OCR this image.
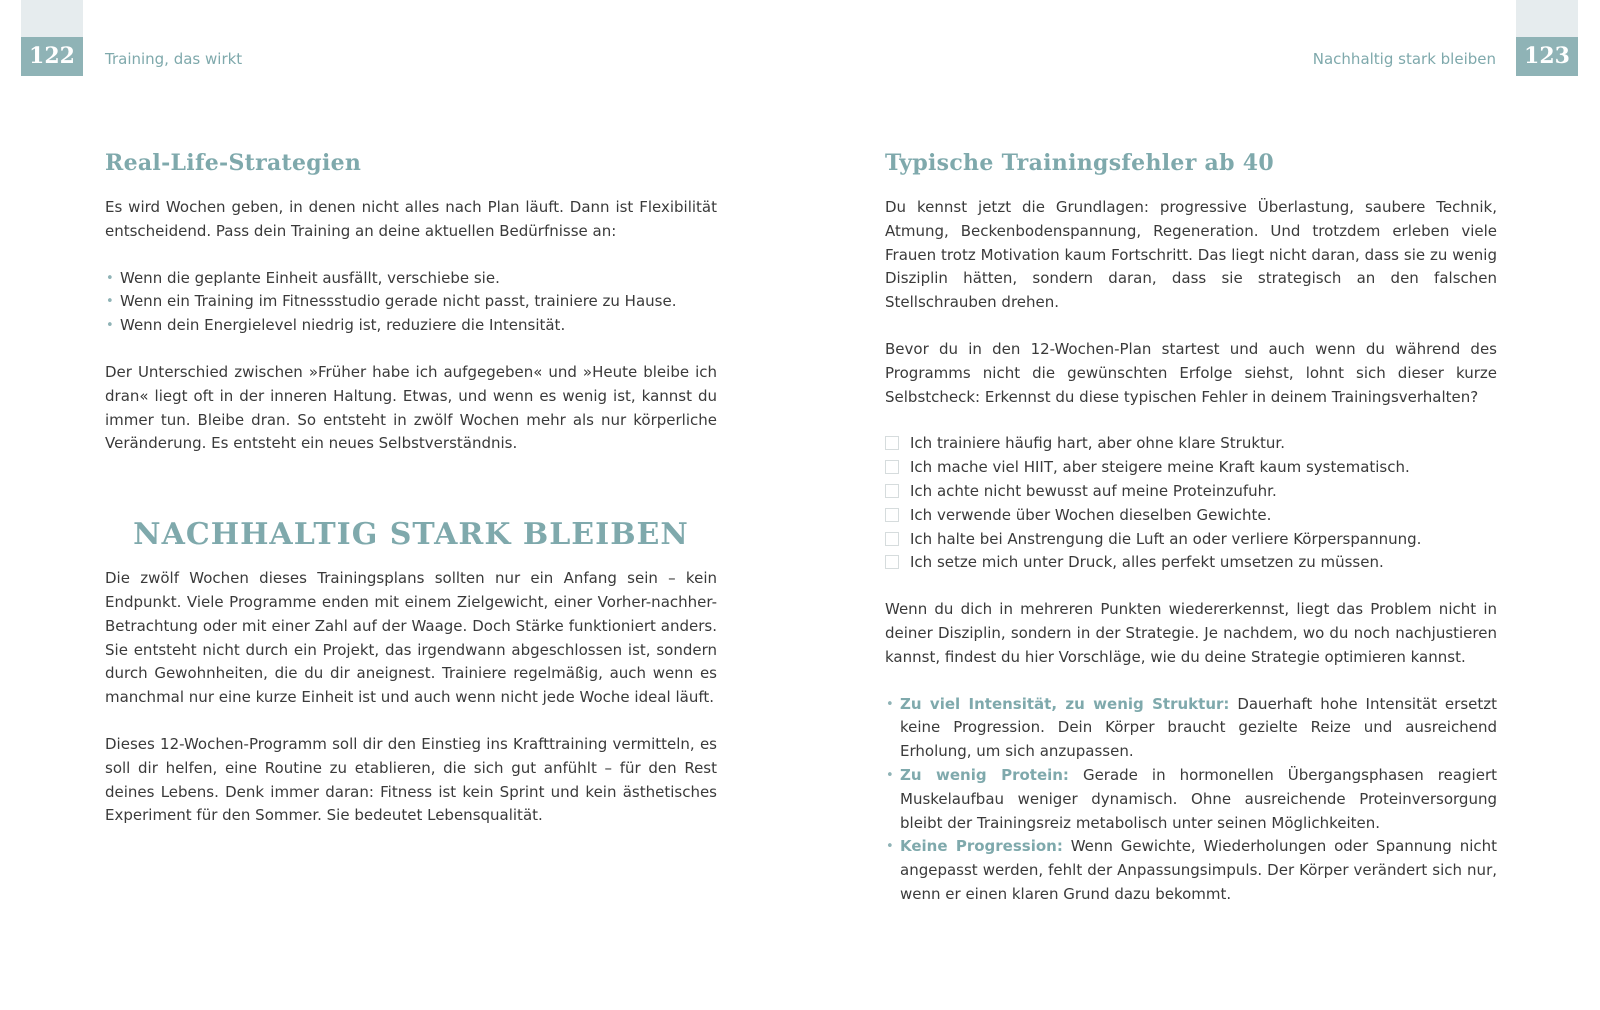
122	Training, das wirkt	123
Nachhaltig stark bleiben
Real-Life-Strategien

Es wird Wochen geben, in denen nicht alles nach Plan läuft. Dann ist Flexibilität entscheidend. Pass dein Training an deine aktuellen Bedürfnisse an:

• Wenn die geplante Einheit ausfällt, verschiebe sie.
• Wenn ein Training im Fitnessstudio gerade nicht passt, trainiere zu Hause.
• Wenn dein Energielevel niedrig ist, reduziere die Intensität.

Der Unterschied zwischen »Früher habe ich aufgegeben« und »Heute bleibe ich dran« liegt oft in der inneren Haltung. Etwas, und wenn es wenig ist, kannst du immer tun. Bleibe dran. So entsteht in zwölf Wochen mehr als nur körperliche Veränderung. Es entsteht ein neues Selbstverständnis.

NACHHALTIG STARK BLEIBEN

Die zwölf Wochen dieses Trainingsplans sollten nur ein Anfang sein – kein Endpunkt. Viele Programme enden mit einem Zielgewicht, einer Vorher-nachher-Betrachtung oder mit einer Zahl auf der Waage. Doch Stärke funktioniert anders. Sie entsteht nicht durch ein Projekt, das irgendwann abgeschlossen ist, sondern durch Gewohnheiten, die du dir aneignest. Trainiere regelmäßig, auch wenn es manchmal nur eine kurze Einheit ist und auch wenn nicht jede Woche ideal läuft.

Dieses 12-Wochen-Programm soll dir den Einstieg ins Krafttraining vermitteln, es soll dir helfen, eine Routine zu etablieren, die sich gut anfühlt – für den Rest deines Lebens. Denk immer daran: Fitness ist kein Sprint und kein ästhetisches Experiment für den Sommer. Sie bedeutet Lebensqualität.

Typische Trainingsfehler ab 40

Du kennst jetzt die Grundlagen: progressive Überlastung, saubere Technik, Atmung, Beckenbodenspannung, Regeneration. Und trotzdem erleben viele Frauen trotz Motivation kaum Fortschritt. Das liegt nicht daran, dass sie zu wenig Disziplin hätten, sondern daran, dass sie strategisch an den falschen Stellschrauben drehen.

Bevor du in den 12-Wochen-Plan startest und auch wenn du während des Programms nicht die gewünschten Erfolge siehst, lohnt sich dieser kurze Selbstcheck: Erkennst du diese typischen Fehler in deinem Trainingsverhalten?

Ich trainiere häufig hart, aber ohne klare Struktur.
Ich mache viel HIIT, aber steigere meine Kraft kaum systematisch.
Ich achte nicht bewusst auf meine Proteinzufuhr.
Ich verwende über Wochen dieselben Gewichte.
Ich halte bei Anstrengung die Luft an oder verliere Körperspannung.
Ich setze mich unter Druck, alles perfekt umsetzen zu müssen.

Wenn du dich in mehreren Punkten wiedererkennst, liegt das Problem nicht in deiner Disziplin, sondern in der Strategie. Je nachdem, wo du noch nachjustieren kannst, findest du hier Vorschläge, wie du deine Strategie optimieren kannst.

• Zu viel Intensität, zu wenig Struktur: Dauerhaft hohe Intensität ersetzt keine Progression. Dein Körper braucht gezielte Reize und ausreichend Erholung, um sich anzupassen.
• Zu wenig Protein: Gerade in hormonellen Übergangsphasen reagiert Muskelaufbau weniger dynamisch. Ohne ausreichende Proteinversorgung bleibt der Trainingsreiz metabolisch unter seinen Möglichkeiten.
• Keine Progression: Wenn Gewichte, Wiederholungen oder Spannung nicht angepasst werden, fehlt der Anpassungsimpuls. Der Körper verändert sich nur, wenn er einen klaren Grund dazu bekommt.
